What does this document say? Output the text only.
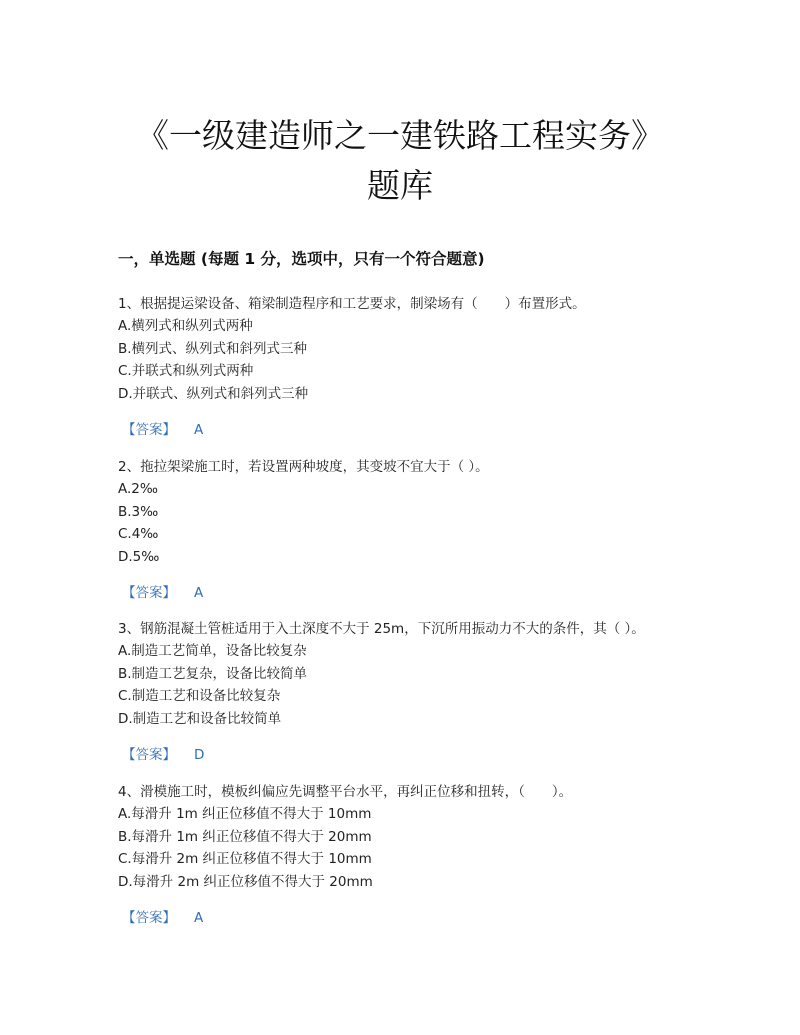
《一级建造师之一建铁路工程实务》
题库
一，单选题 (每题 1 分，选项中，只有一个符合题意)
1、根据提运梁设备、箱梁制造程序和工艺要求，制梁场有（　　）布置形式。
A.横列式和纵列式两种
B.横列式、纵列式和斜列式三种
C.并联式和纵列式两种
D.并联式、纵列式和斜列式三种
【答案】 A
2、拖拉架梁施工时，若设置两种坡度，其变坡不宜大于（ ）。
A.2‰
B.3‰
C.4‰
D.5‰
【答案】 A
3、钢筋混凝土管桩适用于入土深度不大于 25m，下沉所用振动力不大的条件，其（ ）。
A.制造工艺简单，设备比较复杂
B.制造工艺复杂，设备比较简单
C.制造工艺和设备比较复杂
D.制造工艺和设备比较简单
【答案】 D
4、滑模施工时，模板纠偏应先调整平台水平，再纠正位移和扭转，（　　）。
A.每滑升 1m 纠正位移值不得大于 10mm
B.每滑升 1m 纠正位移值不得大于 20mm
C.每滑升 2m 纠正位移值不得大于 10mm
D.每滑升 2m 纠正位移值不得大于 20mm
【答案】 A
